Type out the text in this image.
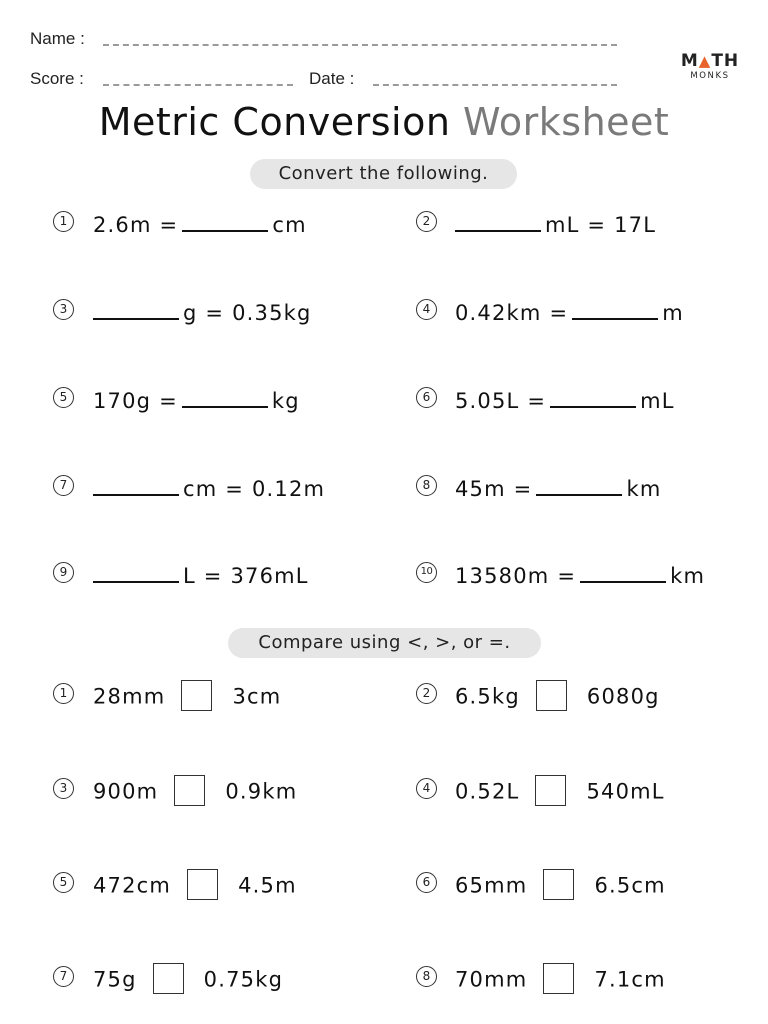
Name :
Score :	Date :
M▲TH
MONKS
Metric Conversion Worksheet
Convert the following.
1	2.6m =	cm	2	mL = 17L
3	g = 0.35kg	4	0.42km =	m
5	170g =	kg	6	5.05L =	mL
7	cm = 0.12m	8	45m =	km
9	L = 376mL	10 13580m =	km
Compare using <, >, or =.
1	28mm	3cm	2	6.5kg	6080g
3	900m	0.9km	4	0.52L	540mL
5	472cm	4.5m	6	65mm	6.5cm
7	75g	0.75kg	8	70mm	7.1cm
